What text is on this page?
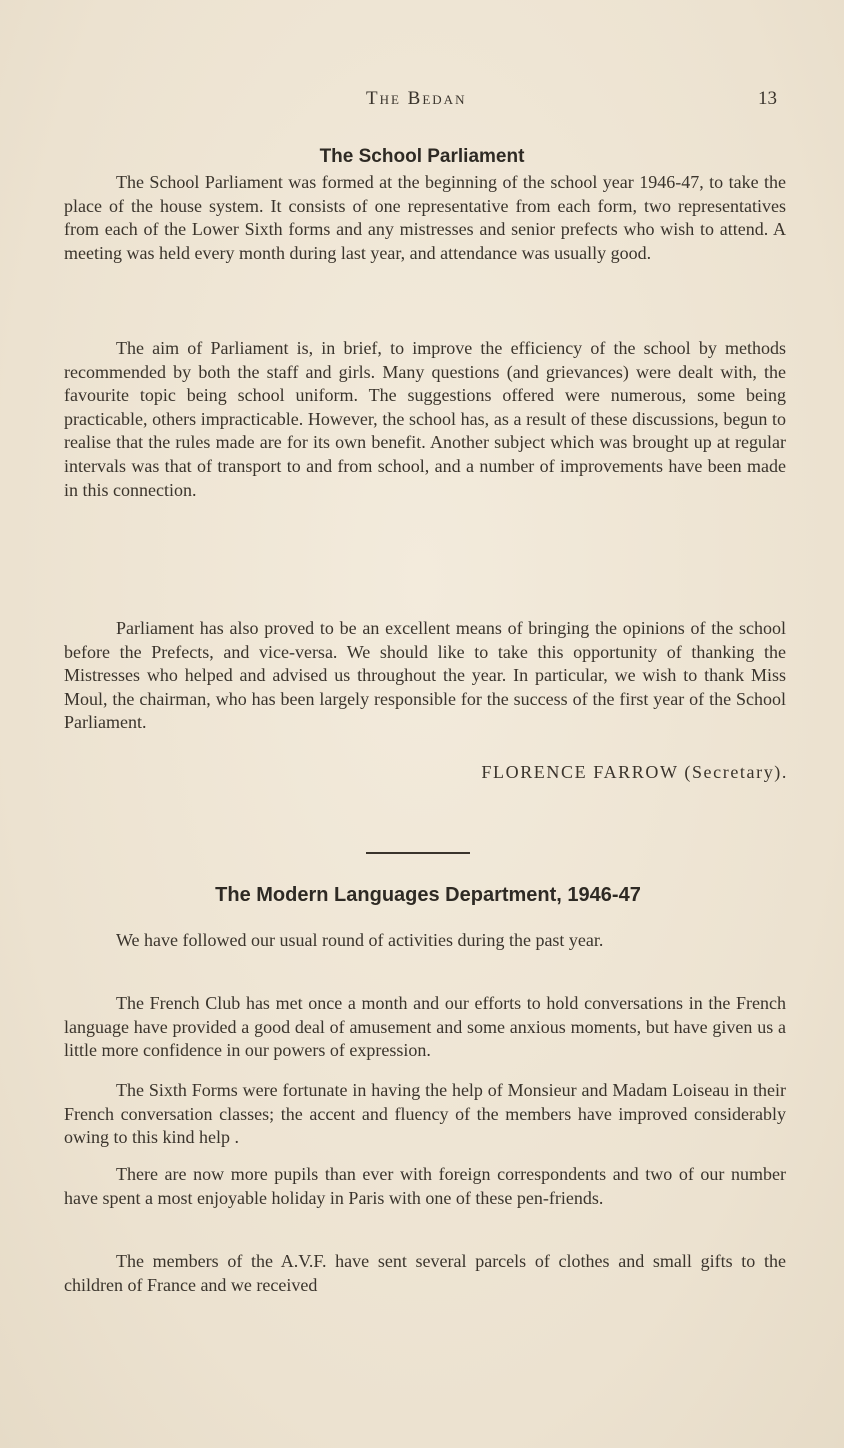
The Bedan	13
The School Parliament

The School Parliament was formed at the beginning of the school year 1946-47, to take the place of the house system. It consists of one representative from each form, two representatives from each of the Lower Sixth forms and any mistresses and senior prefects who wish to attend. A meeting was held every month during last year, and attendance was usually good.

The aim of Parliament is, in brief, to improve the efficiency of the school by methods recommended by both the staff and girls. Many questions (and grievances) were dealt with, the favourite topic being school uniform. The suggestions offered were numerous, some being practicable, others impracticable. However, the school has, as a result of these discussions, begun to realise that the rules made are for its own benefit. Another subject which was brought up at regular intervals was that of transport to and from school, and a number of improvements have been made in this connection.

Parliament has also proved to be an excellent means of bringing the opinions of the school before the Prefects, and vice-versa. We should like to take this opportunity of thanking the Mistresses who helped and advised us throughout the year. In particular, we wish to thank Miss Moul, the chairman, who has been largely responsible for the success of the first year of the School Parliament.

FLORENCE FARROW (Secretary).
The Modern Languages Department, 1946-47

We have followed our usual round of activities during the past year.

The French Club has met once a month and our efforts to hold conversations in the French language have provided a good deal of amusement and some anxious moments, but have given us a little more confidence in our powers of expression.

The Sixth Forms were fortunate in having the help of Monsieur and Madam Loiseau in their French conversation classes; the accent and fluency of the members have improved considerably owing to this kind help .

There are now more pupils than ever with foreign correspondents and two of our number have spent a most enjoyable holiday in Paris with one of these pen-friends.

The members of the A.V.F. have sent several parcels of clothes and small gifts to the children of France and we received
